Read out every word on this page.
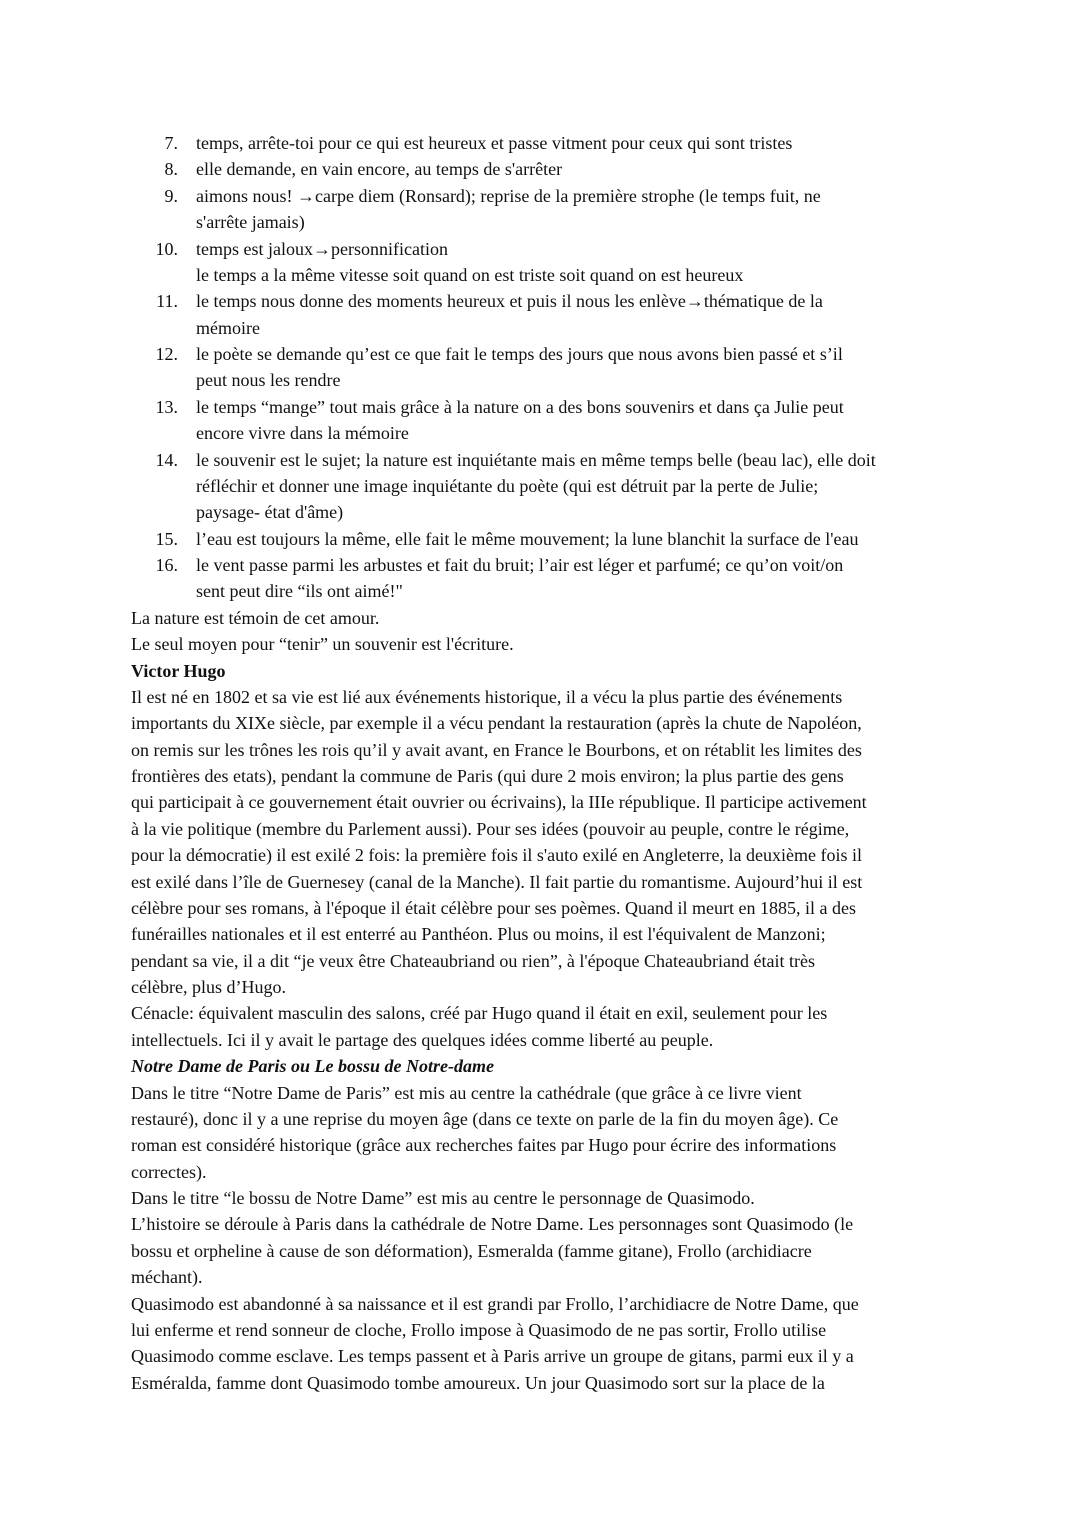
temps, arrête-toi pour ce qui est heureux et passe vitment pour ceux qui sont tristes
7.
elle demande, en vain encore, au temps de s'arrêter
8.
aimons nous! →carpe diem (Ronsard); reprise de la première strophe (le temps fuit, ne
s'arrête jamais)
9.
temps est jaloux→personnification
le temps a la même vitesse soit quand on est triste soit quand on est heureux
10.
le temps nous donne des moments heureux et puis il nous les enlève→thématique de la
mémoire
11.
le poète se demande qu’est ce que fait le temps des jours que nous avons bien passé et s’il
peut nous les rendre
12.
le temps “mange” tout mais grâce à la nature on a des bons souvenirs et dans ça Julie peut
encore vivre dans la mémoire
13.
le souvenir est le sujet; la nature est inquiétante mais en même temps belle (beau lac), elle doit
réfléchir et donner une image inquiétante du poète (qui est détruit par la perte de Julie;
paysage- état d'âme)
14.
l’eau est toujours la même, elle fait le même mouvement; la lune blanchit la surface de l'eau
15.
le vent passe parmi les arbustes et fait du bruit; l’air est léger et parfumé; ce qu’on voit/on
sent peut dire “ils ont aimé!"
16.
La nature est témoin de cet amour.
Le seul moyen pour “tenir” un souvenir est l'écriture.
Victor Hugo
Il est né en 1802 et sa vie est lié aux événements historique, il a vécu la plus partie des événements
importants du XIXe siècle, par exemple il a vécu pendant la restauration (après la chute de Napoléon,
on remis sur les trônes les rois qu’il y avait avant, en France le Bourbons, et on rétablit les limites des
frontières des etats), pendant la commune de Paris (qui dure 2 mois environ; la plus partie des gens
qui participait à ce gouvernement était ouvrier ou écrivains), la IIIe république. Il participe activement
à la vie politique (membre du Parlement aussi). Pour ses idées (pouvoir au peuple, contre le régime,
pour la démocratie) il est exilé 2 fois: la première fois il s'auto exilé en Angleterre, la deuxième fois il
est exilé dans l’île de Guernesey (canal de la Manche). Il fait partie du romantisme. Aujourd’hui il est
célèbre pour ses romans, à l'époque il était célèbre pour ses poèmes. Quand il meurt en 1885, il a des
funérailles nationales et il est enterré au Panthéon. Plus ou moins, il est l'équivalent de Manzoni;
pendant sa vie, il a dit “je veux être Chateaubriand ou rien”, à l'époque Chateaubriand était très
célèbre, plus d’Hugo.
Cénacle: équivalent masculin des salons, créé par Hugo quand il était en exil, seulement pour les
intellectuels. Ici il y avait le partage des quelques idées comme liberté au peuple.
Notre Dame de Paris ou Le bossu de Notre-dame
Dans le titre “Notre Dame de Paris” est mis au centre la cathédrale (que grâce à ce livre vient
restauré), donc il y a une reprise du moyen âge (dans ce texte on parle de la fin du moyen âge). Ce
roman est considéré historique (grâce aux recherches faites par Hugo pour écrire des informations
correctes).
Dans le titre “le bossu de Notre Dame” est mis au centre le personnage de Quasimodo.
L’histoire se déroule à Paris dans la cathédrale de Notre Dame. Les personnages sont Quasimodo (le
bossu et orpheline à cause de son déformation), Esmeralda (famme gitane), Frollo (archidiacre
méchant).
Quasimodo est abandonné à sa naissance et il est grandi par Frollo, l’archidiacre de Notre Dame, que
lui enferme et rend sonneur de cloche, Frollo impose à Quasimodo de ne pas sortir, Frollo utilise
Quasimodo comme esclave. Les temps passent et à Paris arrive un groupe de gitans, parmi eux il y a
Esméralda, famme dont Quasimodo tombe amoureux. Un jour Quasimodo sort sur la place de la
